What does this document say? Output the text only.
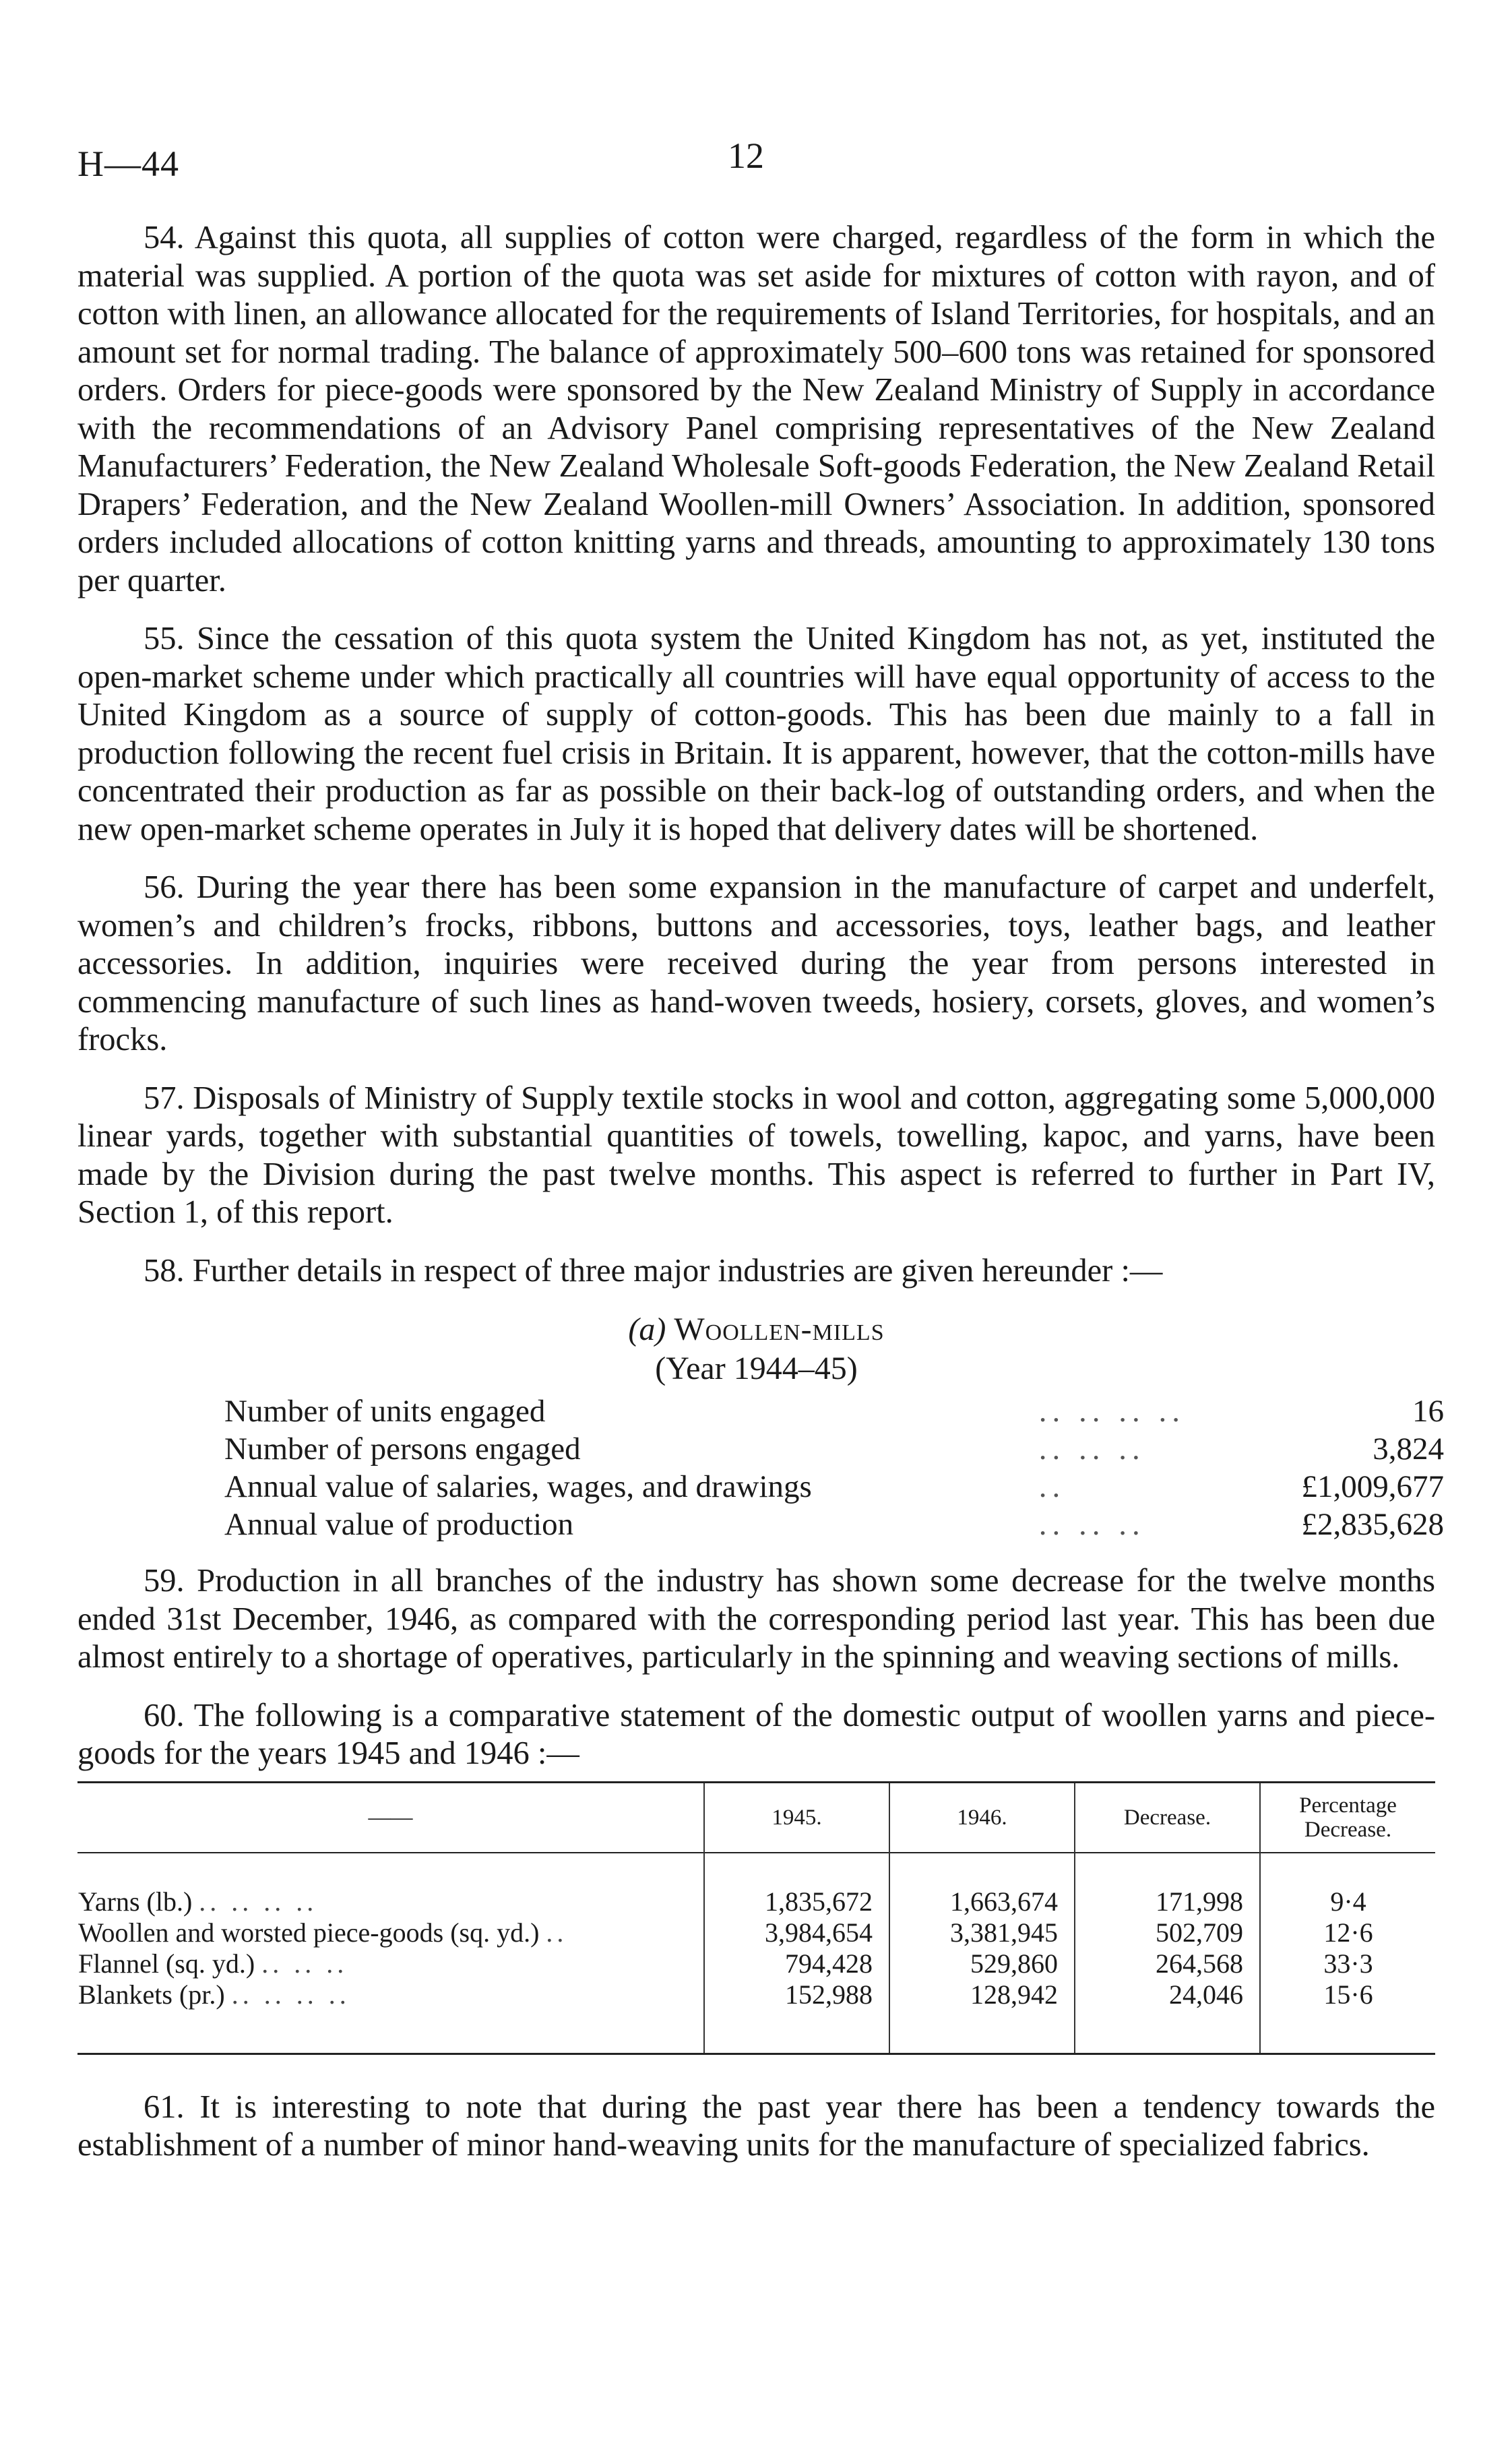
H—44	12

54. Against this quota, all supplies of cotton were charged, regardless of the form in which the material was supplied. A portion of the quota was set aside for mixtures of cotton with rayon, and of cotton with linen, an allowance allocated for the requirements of Island Territories, for hospitals, and an amount set for normal trading. The balance of approximately 500–600 tons was retained for sponsored orders. Orders for piece-goods were sponsored by the New Zealand Ministry of Supply in accordance with the recommendations of an Advisory Panel comprising representatives of the New Zealand Manufacturers’ Federation, the New Zealand Wholesale Soft-goods Federation, the New Zealand Retail Drapers’ Federation, and the New Zealand Woollen-mill Owners’ Association. In addition, sponsored orders included allocations of cotton knitting yarns and threads, amounting to approximately 130 tons per quarter.

55. Since the cessation of this quota system the United Kingdom has not, as yet, instituted the open-market scheme under which practically all countries will have equal opportunity of access to the United Kingdom as a source of supply of cotton-goods. This has been due mainly to a fall in production following the recent fuel crisis in Britain. It is apparent, however, that the cotton-mills have concentrated their production as far as possible on their back-log of outstanding orders, and when the new open-market scheme operates in July it is hoped that delivery dates will be shortened.

56. During the year there has been some expansion in the manufacture of carpet and underfelt, women’s and children’s frocks, ribbons, buttons and accessories, toys, leather bags, and leather accessories. In addition, inquiries were received during the year from persons interested in commencing manufacture of such lines as hand-woven tweeds, hosiery, corsets, gloves, and women’s frocks.

57. Disposals of Ministry of Supply textile stocks in wool and cotton, aggregating some 5,000,000 linear yards, together with substantial quantities of towels, towelling, kapoc, and yarns, have been made by the Division during the past twelve months. This aspect is referred to further in Part IV, Section 1, of this report.

58. Further details in respect of three major industries are given hereunder :—

(a) Woollen-mills
(Year 1944–45)
Number of units engaged	.. .. .. ..	16
Number of persons engaged	.. .. ..	3,824
Annual value of salaries, wages, and drawings	..	£1,009,677
Annual value of production	.. .. ..	£2,835,628

59. Production in all branches of the industry has shown some decrease for the twelve months ended 31st December, 1946, as compared with the corresponding period last year. This has been due almost entirely to a shortage of operatives, particularly in the spinning and weaving sections of mills.

60. The following is a comparative statement of the domestic output of woollen yarns and piece-goods for the years 1945 and 1946 :—

——	1945.	1946.	Decrease.	Percentage
Decrease.
Yarns (lb.) .. .. .. ..	1,835,672	1,663,674	171,998	9·4
Woollen and worsted piece-goods (sq. yd.) ..	3,984,654	3,381,945	502,709	12·6
Flannel (sq. yd.) .. .. ..	794,428	529,860	264,568	33·3
Blankets (pr.) .. .. .. ..	152,988	128,942	24,046	15·6

61. It is interesting to note that during the past year there has been a tendency towards the establishment of a number of minor hand-weaving units for the manufacture of specialized fabrics.
